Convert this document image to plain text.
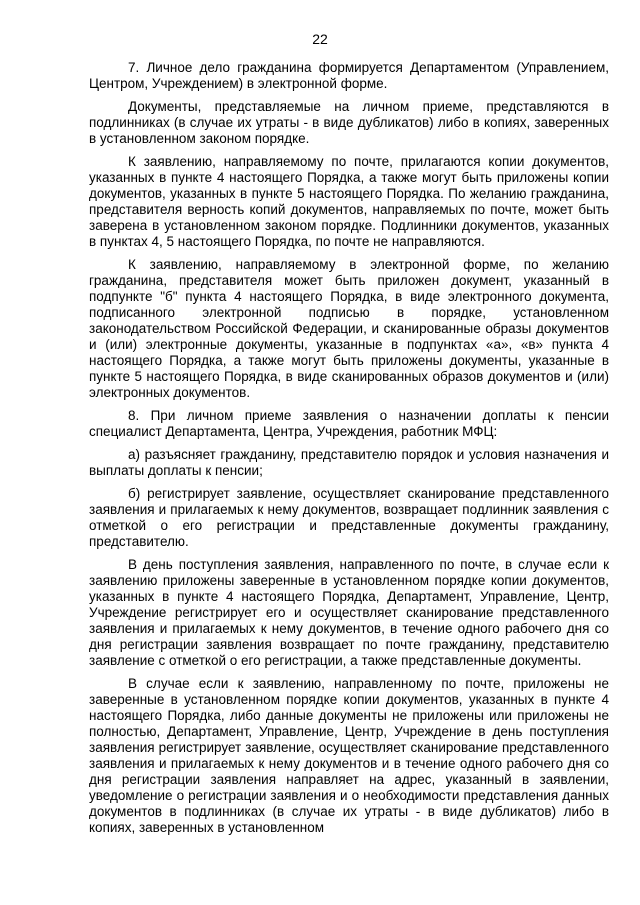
22

7. Личное дело гражданина формируется Департаментом (Управлением, Центром, Учреждением) в электронной форме.

Документы, представляемые на личном приеме, представляются в подлинниках (в случае их утраты - в виде дубликатов) либо в копиях, заверенных в установленном законом порядке.

К заявлению, направляемому по почте, прилагаются копии документов, указанных в пункте 4 настоящего Порядка, а также могут быть приложены копии документов, указанных в пункте 5 настоящего Порядка. По желанию гражданина, представителя верность копий документов, направляемых по почте, может быть заверена в установленном законом порядке. Подлинники документов, указанных в пунктах 4, 5 настоящего Порядка, по почте не направляются.

К заявлению, направляемому в электронной форме, по желанию гражданина, представителя может быть приложен документ, указанный в подпункте "б" пункта 4 настоящего Порядка, в виде электронного документа, подписанного электронной подписью в порядке, установленном законодательством Российской Федерации, и сканированные образы документов и (или) электронные документы, указанные в подпунктах «а», «в» пункта 4 настоящего Порядка, а также могут быть приложены документы, указанные в пункте 5 настоящего Порядка, в виде сканированных образов документов и (или) электронных документов.

8. При личном приеме заявления о назначении доплаты к пенсии специалист Департамента, Центра, Учреждения, работник МФЦ:

а) разъясняет гражданину, представителю порядок и условия назначения и выплаты доплаты к пенсии;

б) регистрирует заявление, осуществляет сканирование представленного заявления и прилагаемых к нему документов, возвращает подлинник заявления с отметкой о его регистрации и представленные документы гражданину, представителю.

В день поступления заявления, направленного по почте, в случае если к заявлению приложены заверенные в установленном порядке копии документов, указанных в пункте 4 настоящего Порядка, Департамент, Управление, Центр, Учреждение регистрирует его и осуществляет сканирование представленного заявления и прилагаемых к нему документов, в течение одного рабочего дня со дня регистрации заявления возвращает по почте гражданину, представителю заявление с отметкой о его регистрации, а также представленные документы.

В случае если к заявлению, направленному по почте, приложены не заверенные в установленном порядке копии документов, указанных в пункте 4 настоящего Порядка, либо данные документы не приложены или приложены не полностью, Департамент, Управление, Центр, Учреждение в день поступления заявления регистрирует заявление, осуществляет сканирование представленного заявления и прилагаемых к нему документов и в течение одного рабочего дня со дня регистрации заявления направляет на адрес, указанный в заявлении, уведомление о регистрации заявления и о необходимости представления данных документов в подлинниках (в случае их утраты - в виде дубликатов) либо в копиях, заверенных в установленном
